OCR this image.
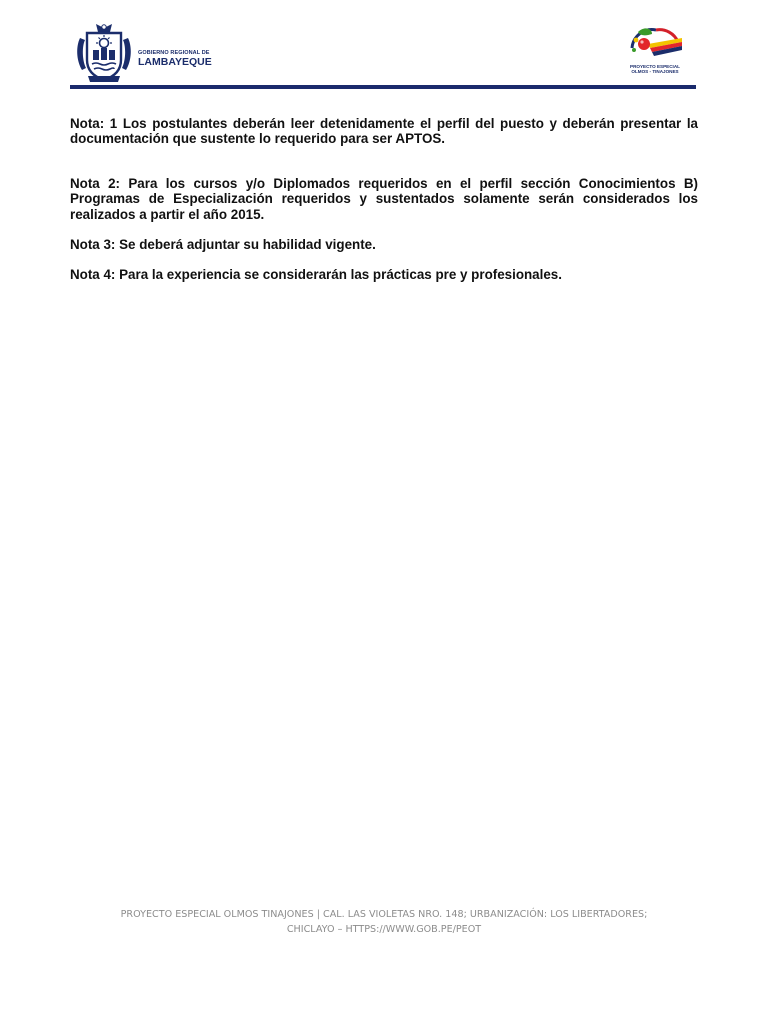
GOBIERNO REGIONAL DE
LAMBAYEQUE	PROYECTO ESPECIAL
OLMOS - TINAJONES

Nota: 1 Los postulantes deberán leer detenidamente el perfil del puesto y deberán presentar la documentación que sustente lo requerido para ser APTOS.

Nota 2: Para los cursos y/o Diplomados requeridos en el perfil sección Conocimientos B) Programas de Especialización requeridos y sustentados solamente serán considerados los realizados a partir el año 2015.

Nota 3: Se deberá adjuntar su habilidad vigente.

Nota 4: Para la experiencia se considerarán las prácticas pre y profesionales.

PROYECTO ESPECIAL OLMOS TINAJONES | CAL. LAS VIOLETAS NRO. 148; URBANIZACIÓN: LOS LIBERTADORES;
CHICLAYO – HTTPS://WWW.GOB.PE/PEOT
